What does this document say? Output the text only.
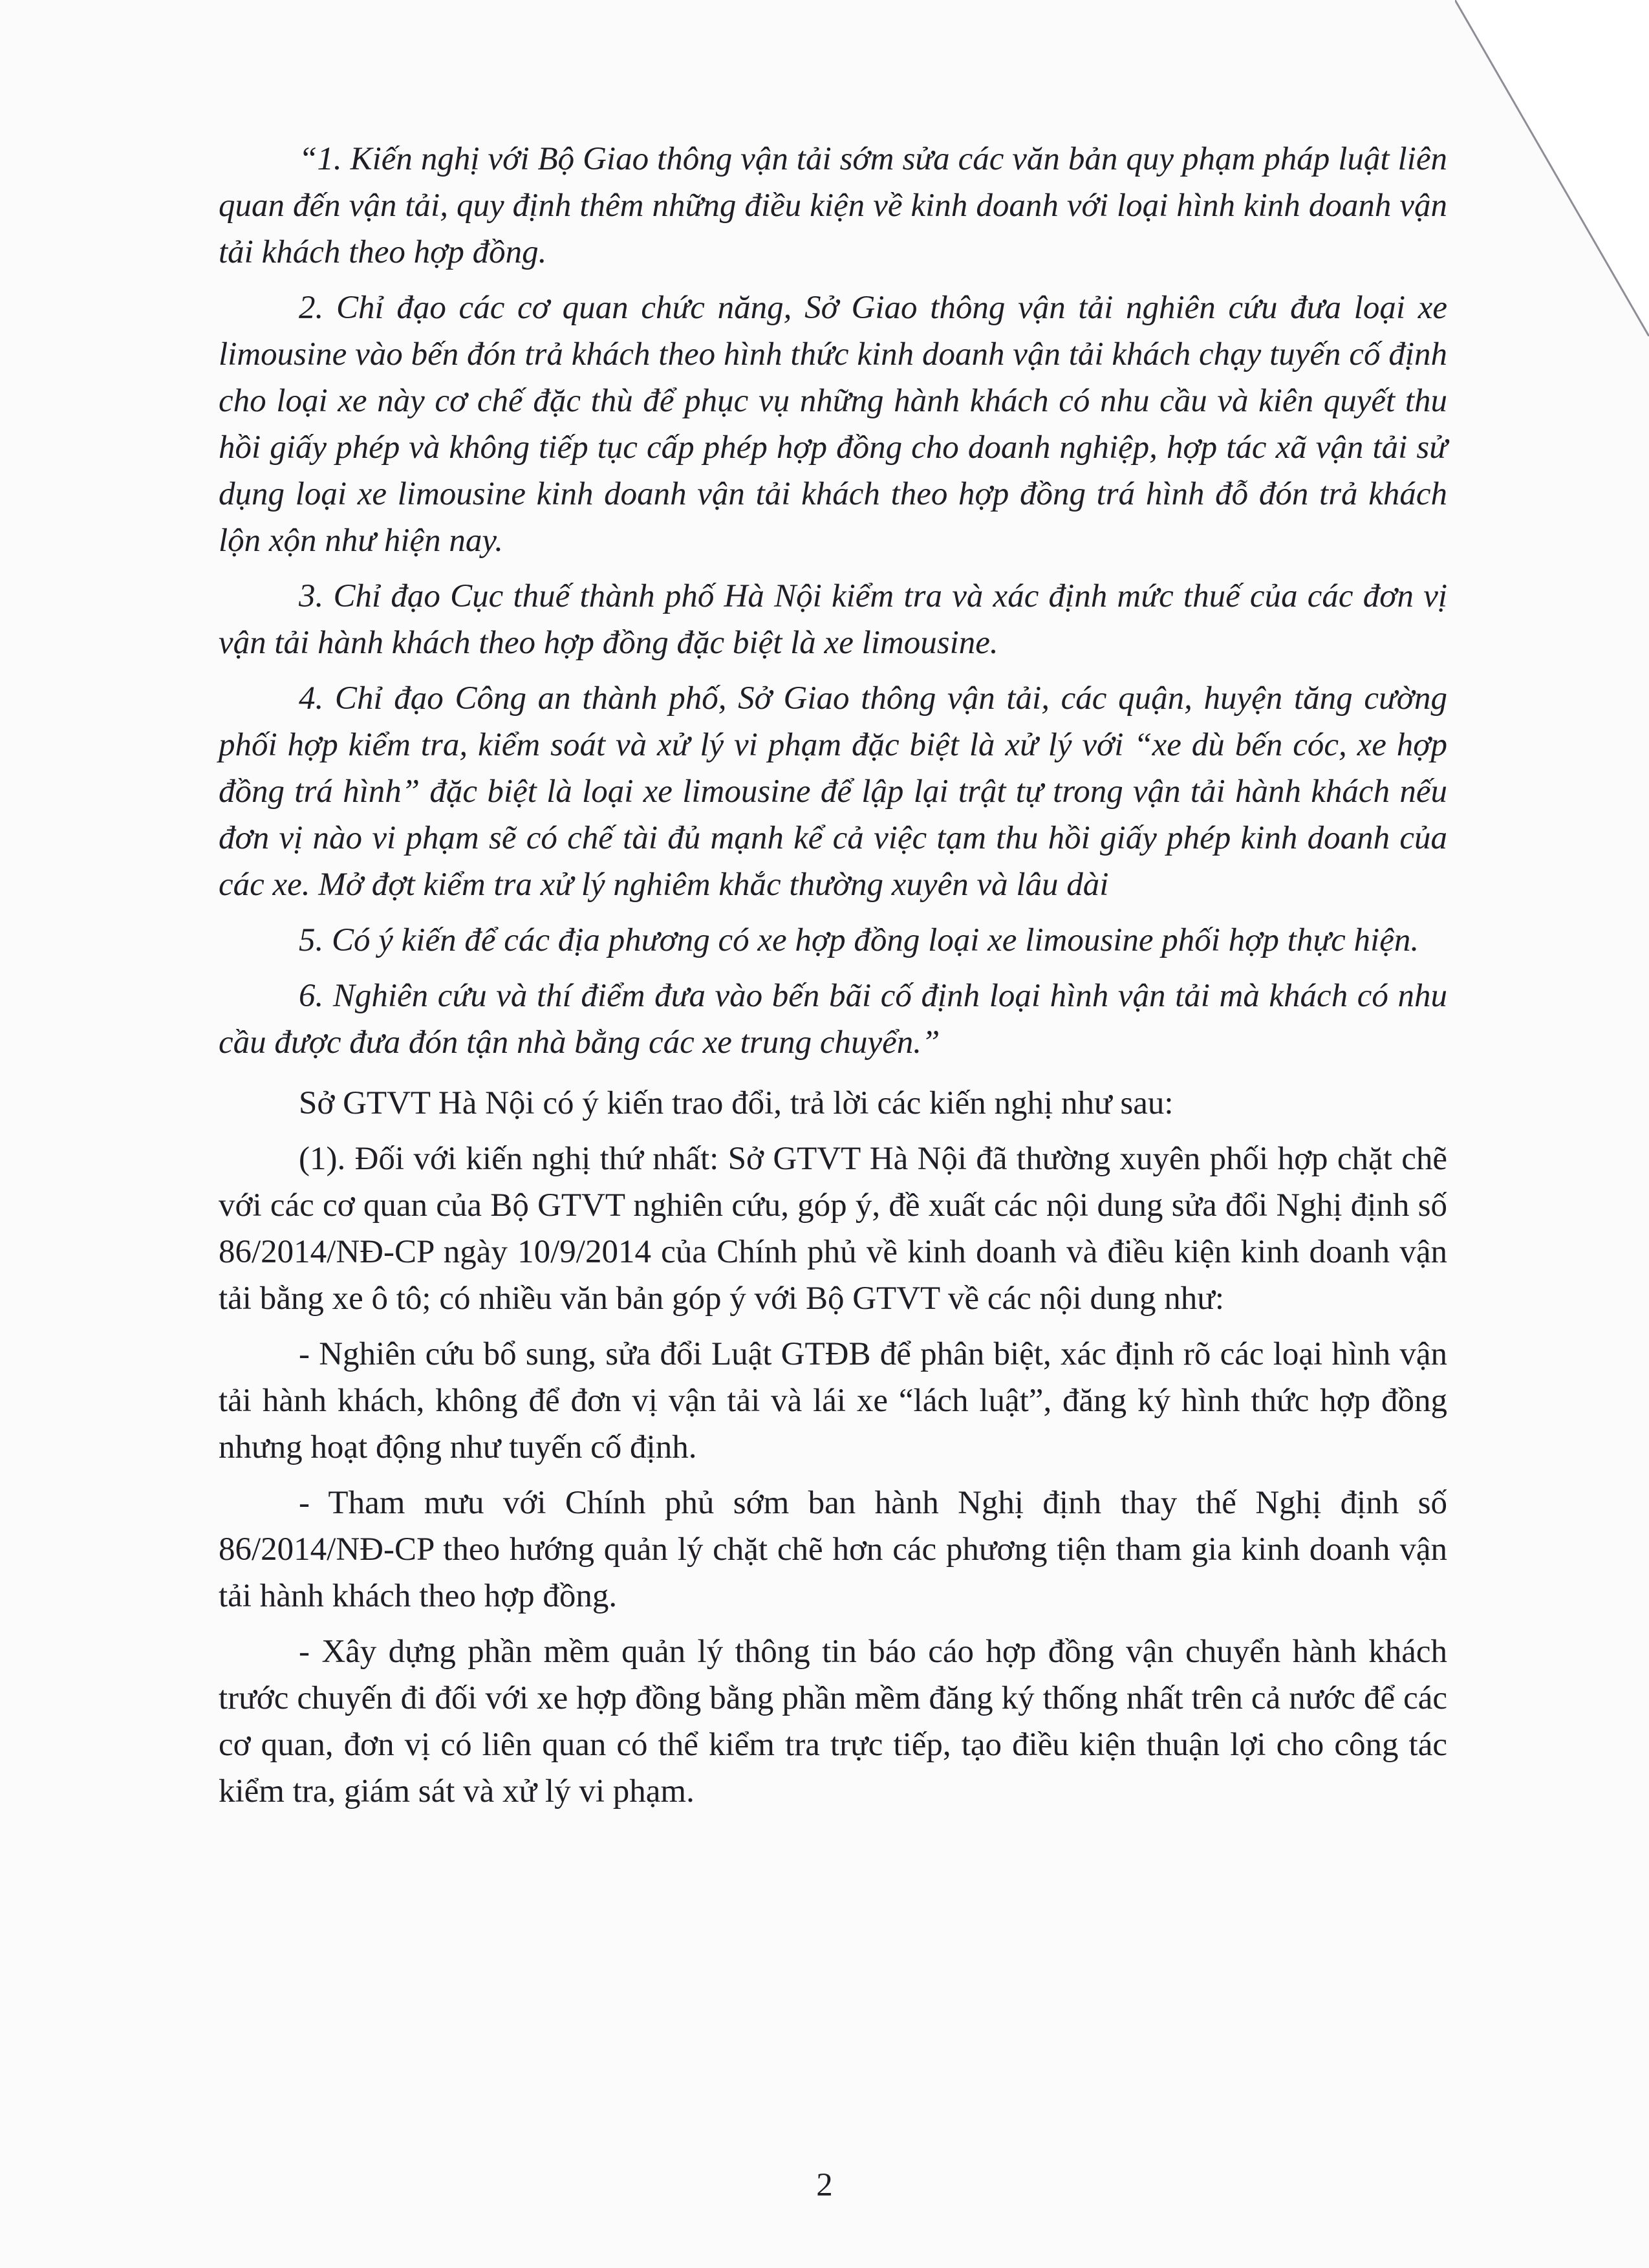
“1. Kiến nghị với Bộ Giao thông vận tải sớm sửa các văn bản quy phạm pháp luật liên quan đến vận tải, quy định thêm những điều kiện về kinh doanh với loại hình kinh doanh vận tải khách theo hợp đồng.

2. Chỉ đạo các cơ quan chức năng, Sở Giao thông vận tải nghiên cứu đưa loại xe limousine vào bến đón trả khách theo hình thức kinh doanh vận tải khách chạy tuyến cố định cho loại xe này cơ chế đặc thù để phục vụ những hành khách có nhu cầu và kiên quyết thu hồi giấy phép và không tiếp tục cấp phép hợp đồng cho doanh nghiệp, hợp tác xã vận tải sử dụng loại xe limousine kinh doanh vận tải khách theo hợp đồng trá hình đỗ đón trả khách lộn xộn như hiện nay.

3. Chỉ đạo Cục thuế thành phố Hà Nội kiểm tra và xác định mức thuế của các đơn vị vận tải hành khách theo hợp đồng đặc biệt là xe limousine.

4. Chỉ đạo Công an thành phố, Sở Giao thông vận tải, các quận, huyện tăng cường phối hợp kiểm tra, kiểm soát và xử lý vi phạm đặc biệt là xử lý với “xe dù bến cóc, xe hợp đồng trá hình” đặc biệt là loại xe limousine để lập lại trật tự trong vận tải hành khách nếu đơn vị nào vi phạm sẽ có chế tài đủ mạnh kể cả việc tạm thu hồi giấy phép kinh doanh của các xe. Mở đợt kiểm tra xử lý nghiêm khắc thường xuyên và lâu dài

5. Có ý kiến để các địa phương có xe hợp đồng loại xe limousine phối hợp thực hiện.

6. Nghiên cứu và thí điểm đưa vào bến bãi cố định loại hình vận tải mà khách có nhu cầu được đưa đón tận nhà bằng các xe trung chuyển.”

Sở GTVT Hà Nội có ý kiến trao đổi, trả lời các kiến nghị như sau:

(1). Đối với kiến nghị thứ nhất: Sở GTVT Hà Nội đã thường xuyên phối hợp chặt chẽ với các cơ quan của Bộ GTVT nghiên cứu, góp ý, đề xuất các nội dung sửa đổi Nghị định số 86/2014/NĐ-CP ngày 10/9/2014 của Chính phủ về kinh doanh và điều kiện kinh doanh vận tải bằng xe ô tô; có nhiều văn bản góp ý với Bộ GTVT về các nội dung như:

- Nghiên cứu bổ sung, sửa đổi Luật GTĐB để phân biệt, xác định rõ các loại hình vận tải hành khách, không để đơn vị vận tải và lái xe “lách luật”, đăng ký hình thức hợp đồng nhưng hoạt động như tuyến cố định.

- Tham mưu với Chính phủ sớm ban hành Nghị định thay thế Nghị định số 86/2014/NĐ-CP theo hướng quản lý chặt chẽ hơn các phương tiện tham gia kinh doanh vận tải hành khách theo hợp đồng.

- Xây dựng phần mềm quản lý thông tin báo cáo hợp đồng vận chuyển hành khách trước chuyến đi đối với xe hợp đồng bằng phần mềm đăng ký thống nhất trên cả nước để các cơ quan, đơn vị có liên quan có thể kiểm tra trực tiếp, tạo điều kiện thuận lợi cho công tác kiểm tra, giám sát và xử lý vi phạm.

2
